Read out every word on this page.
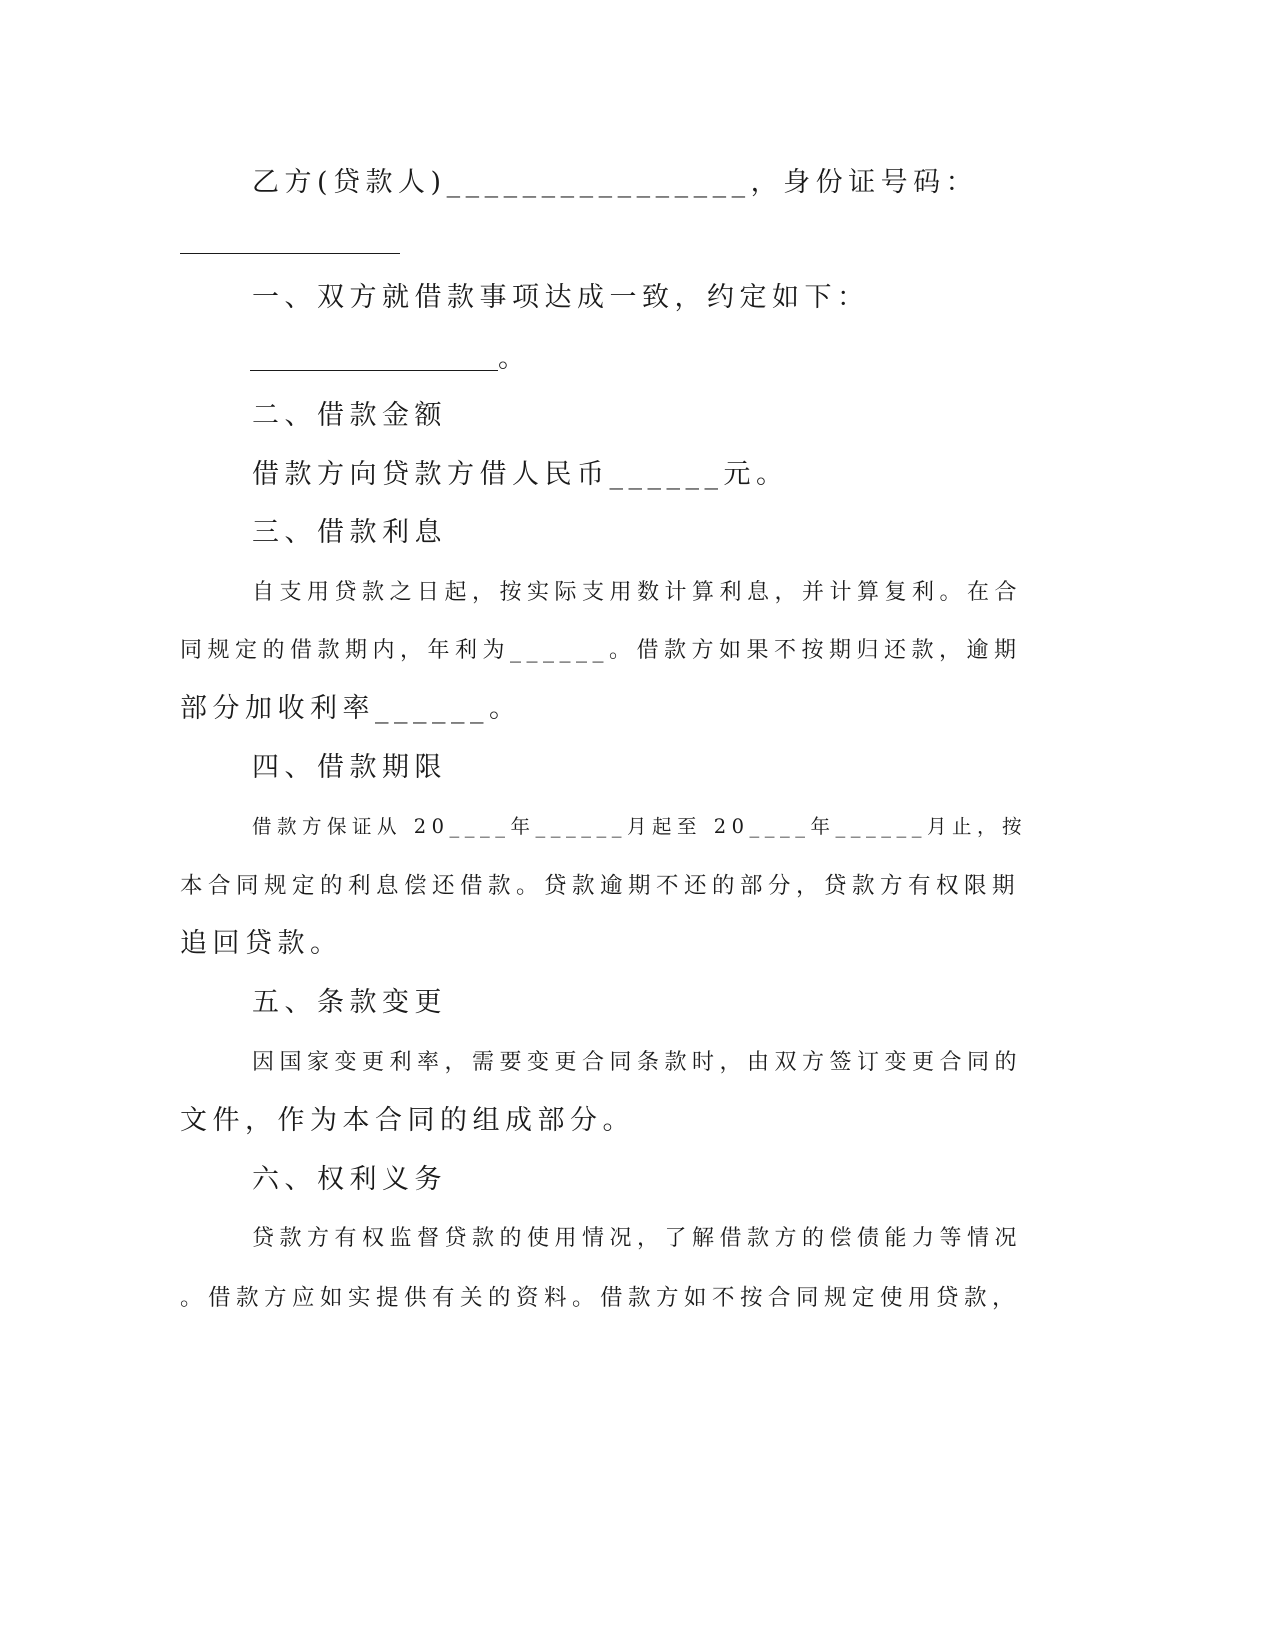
乙方(贷款人)________________，身份证号码：
一、双方就借款事项达成一致，约定如下：
。
二、借款金额
借款方向贷款方借人民币______元。
三、借款利息
自支用贷款之日起，按实际支用数计算利息，并计算复利。在合
同规定的借款期内，年利为______。借款方如果不按期归还款，逾期
部分加收利率______。
四、借款期限
借款方保证从 20____年______月起至 20____年______月止，按
本合同规定的利息偿还借款。贷款逾期不还的部分，贷款方有权限期
追回贷款。
五、条款变更
因国家变更利率，需要变更合同条款时，由双方签订变更合同的
文件，作为本合同的组成部分。
六、权利义务
贷款方有权监督贷款的使用情况，了解借款方的偿债能力等情况
。借款方应如实提供有关的资料。借款方如不按合同规定使用贷款，
